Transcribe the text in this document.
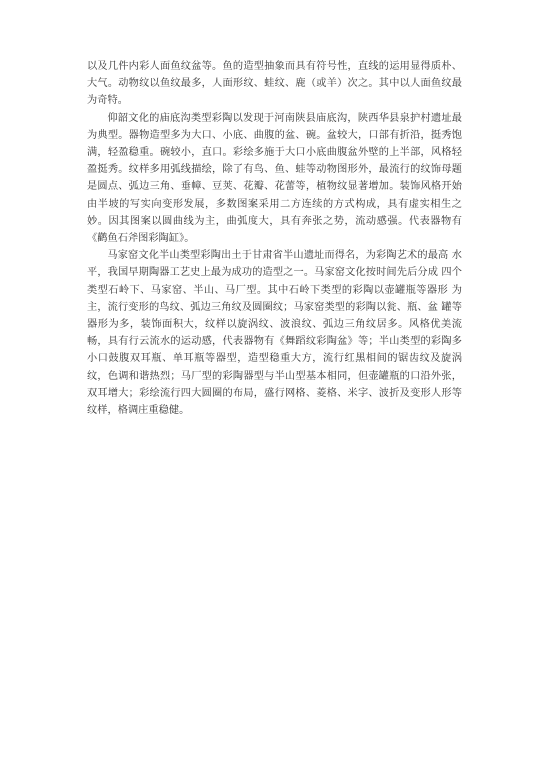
以及几件内彩人面鱼纹盆等。鱼的造型抽象而具有符号性，直线的运用显得质朴、大气。动物纹以鱼纹最多，人面形纹、蛙纹、鹿（或羊）次之。其中以人面鱼纹最为奇特。

仰韶文化的庙底沟类型彩陶以发现于河南陕县庙底沟，陕西华县泉护村遗址最为典型。器物造型多为大口、小底、曲腹的盆、碗。盆较大，口部有折沿，挺秀饱满，轻盈稳重。碗较小，直口。彩绘多施于大口小底曲腹盆外壁的上半部，风格轻盈挺秀。纹样多用弧线描绘，除了有鸟、鱼、蛙等动物图形外，最流行的纹饰母题是圆点、弧边三角、垂幛、豆荚、花瓣、花蕾等，植物纹显著增加。装饰风格开始由半坡的写实向变形发展，多数图案采用二方连续的方式构成，具有虚实相生之妙。因其图案以圆曲线为主，曲弧度大，具有奔张之势，流动感强。代表器物有《鹳鱼石斧图彩陶缸》。

马家窑文化半山类型彩陶出土于甘肃省半山遗址而得名，为彩陶艺术的最高 水平，我国早期陶器工艺史上最为成功的造型之一。马家窑文化按时间先后分成 四个类型石岭下、马家窑、半山、马厂型。其中石岭下类型的彩陶以壶罐瓶等器形 为主，流行变形的鸟纹、弧边三角纹及圆圈纹；马家窑类型的彩陶以瓮、瓶、盆 罐等器形为多，装饰面积大，纹样以旋涡纹、波浪纹、弧边三角纹居多。风格优美流畅，具有行云流水的运动感，代表器物有《舞蹈纹彩陶盆》等；半山类型的彩陶多小口鼓腹双耳瓶、单耳瓶等器型，造型稳重大方，流行红黑相间的锯齿纹及旋涡纹，色调和谐热烈；马厂型的彩陶器型与半山型基本相同，但壶罐瓶的口沿外张，双耳增大；彩绘流行四大圆圈的布局，盛行网格、菱格、米字、波折及变形人形等纹样，格调庄重稳健。
